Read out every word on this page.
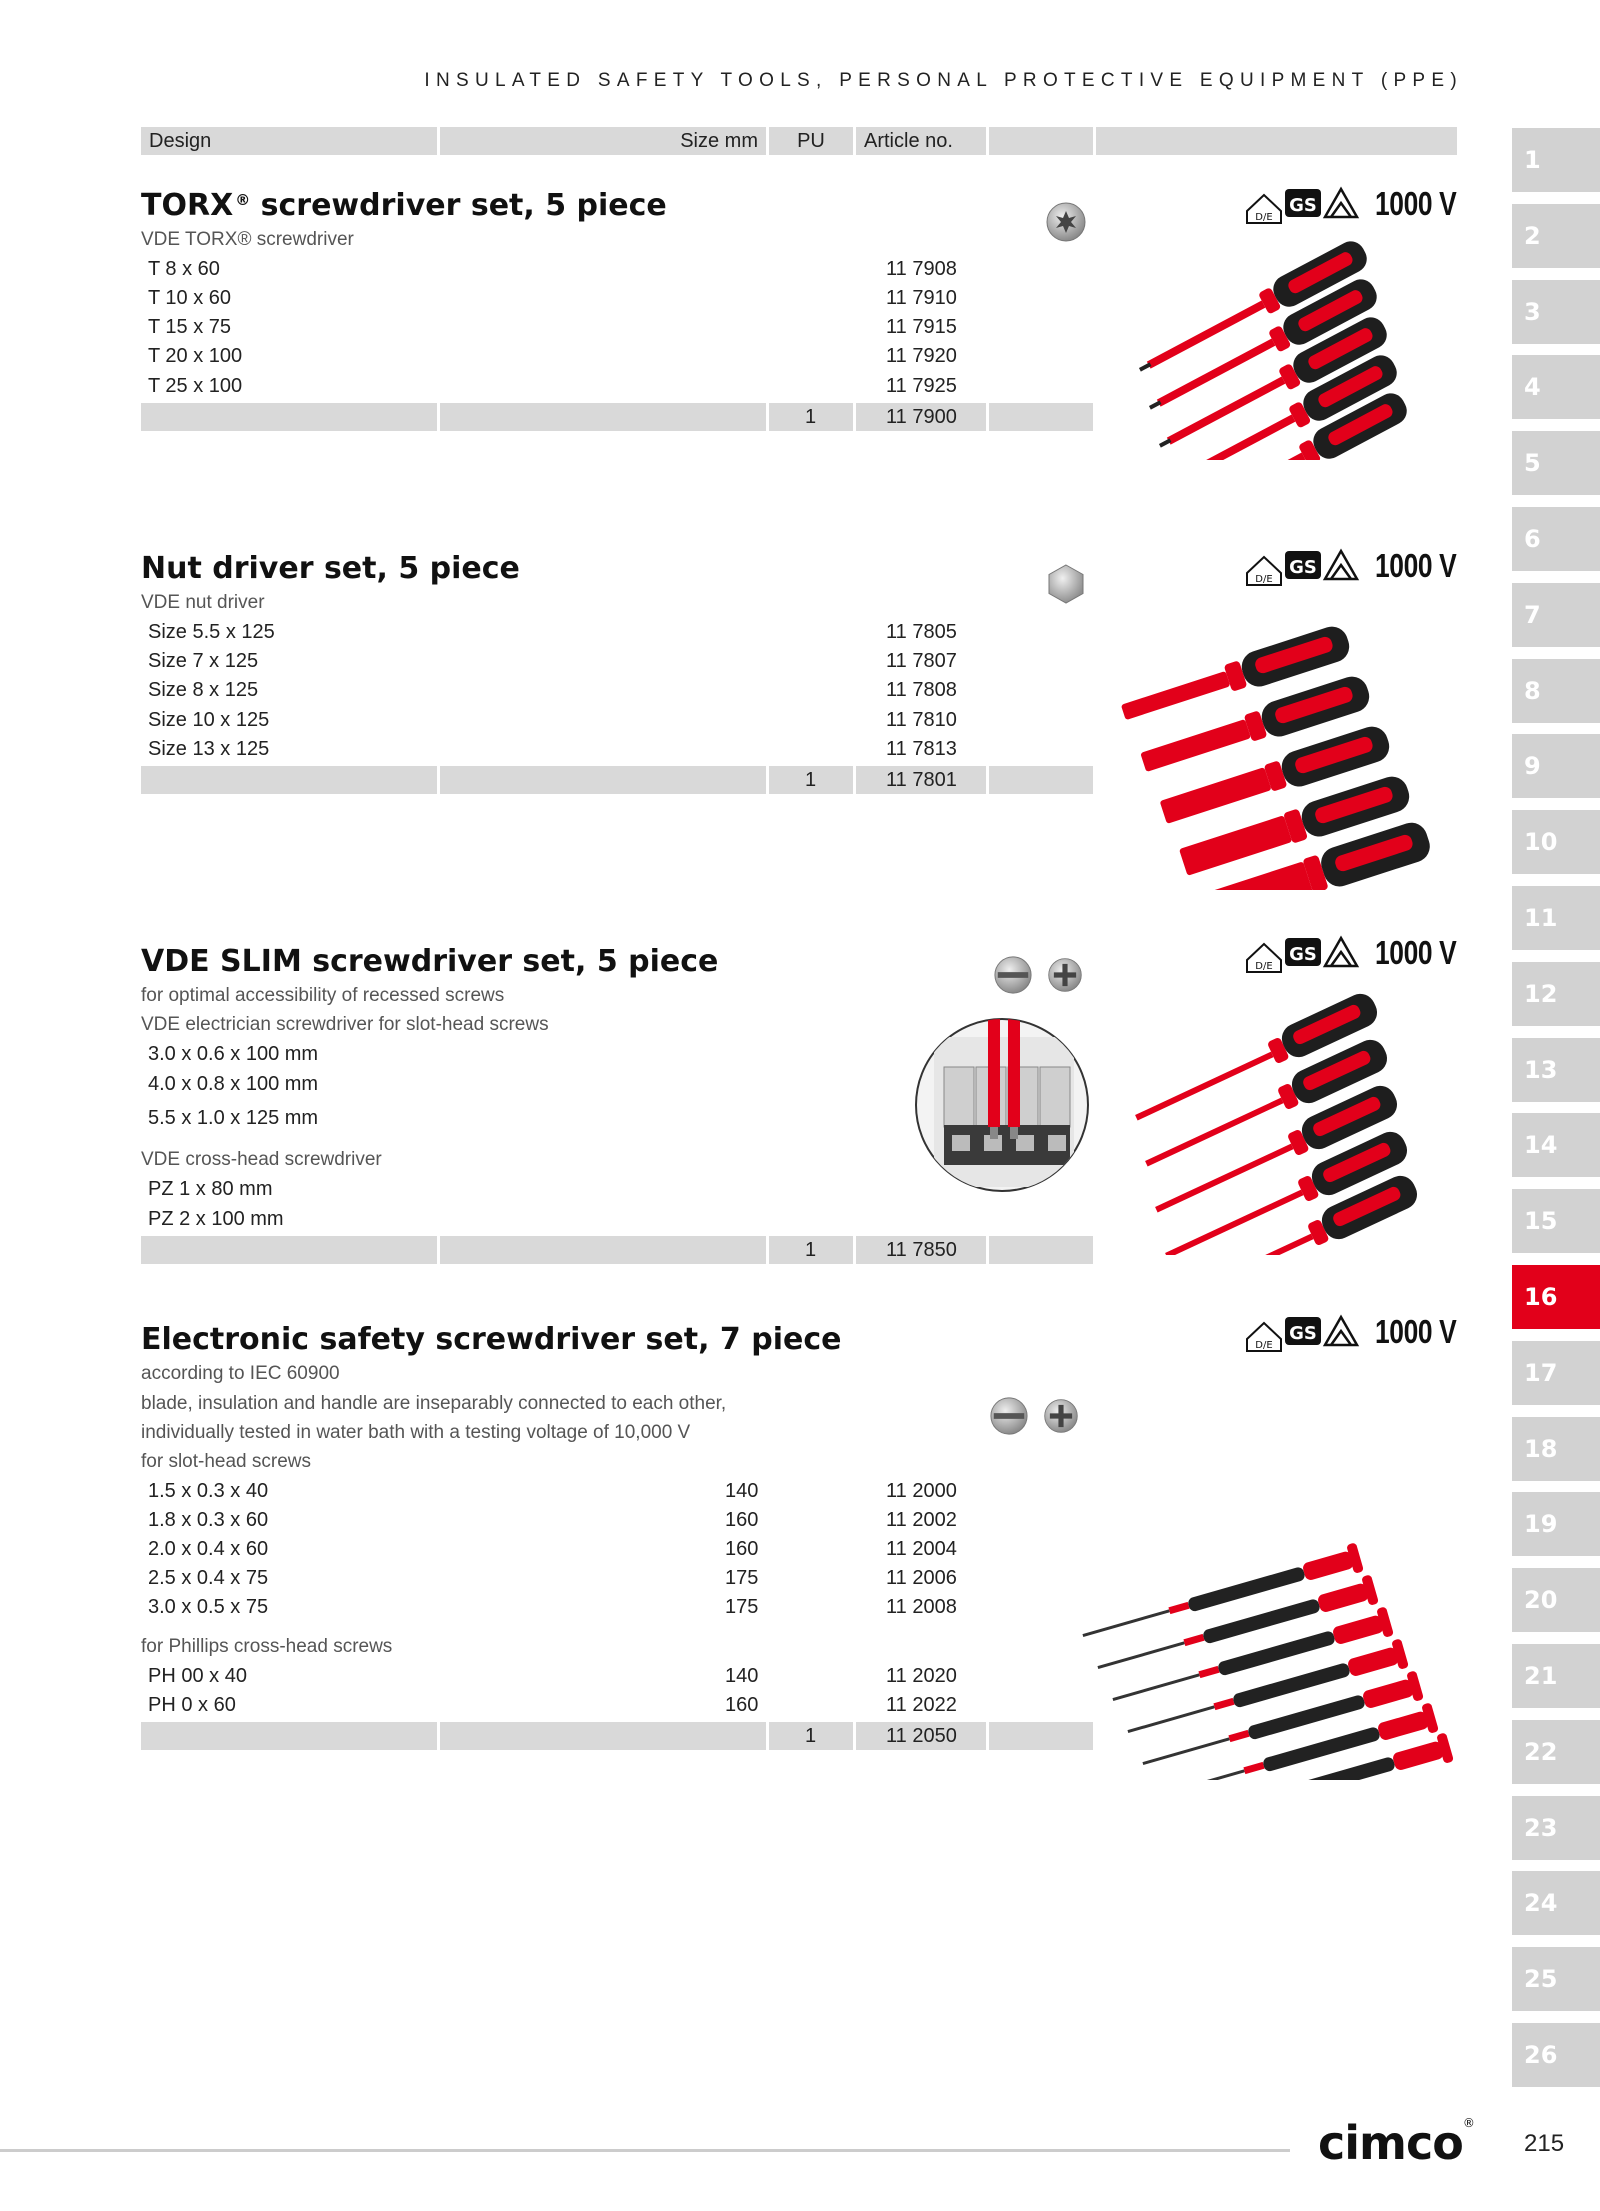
INSULATED SAFETY TOOLS, PERSONAL PROTECTIVE EQUIPMENT (PPE)
Design	Size mm	PU	Article no.
TORX ® screwdriver set, 5 piece
VDE TORX® screwdriver
T 8 x 60	11 7908
T 10 x 60	11 7910
T 15 x 75	11 7915
T 20 x 100	11 7920
T 25 x 100	11 7925
1	11 7900
Nut driver set, 5 piece
VDE nut driver
Size 5.5 x 125	11 7805
Size 7 x 125	11 7807
Size 8 x 125	11 7808
Size 10 x 125	11 7810
Size 13 x 125	11 7813
1	11 7801
VDE SLIM screwdriver set, 5 piece
for optimal accessibility of recessed screws
VDE electrician screwdriver for slot-head screws
3.0 x 0.6 x 100 mm
4.0 x 0.8 x 100 mm
5.5 x 1.0 x 125 mm
VDE cross-head screwdriver
PZ 1 x 80 mm
PZ 2 x 100 mm
1	11 7850
Electronic safety screwdriver set, 7 piece
according to IEC 60900
blade, insulation and handle are inseparably connected to each other,
individually tested in water bath with a testing voltage of 10,000 V
for slot-head screws
1.5 x 0.3 x 40	140	11 2000
1.8 x 0.3 x 60	160	11 2002
2.0 x 0.4 x 60	160	11 2004
2.5 x 0.4 x 75	175	11 2006
3.0 x 0.5 x 75	175	11 2008
for Phillips cross-head screws
PH 00 x 40	140	11 2020
PH 0 x 60	160	11 2022
1	11 2050
D/E
GS 1000 V
D/E
GS 1000 V
D/E
GS 1000 V
D/E
GS 1000 V
1
2
3
4
5
6
7
8
9
10
11
12
13
14
15
16
17
18
19
20
21
22
23
24
25
26
cimco®
215
